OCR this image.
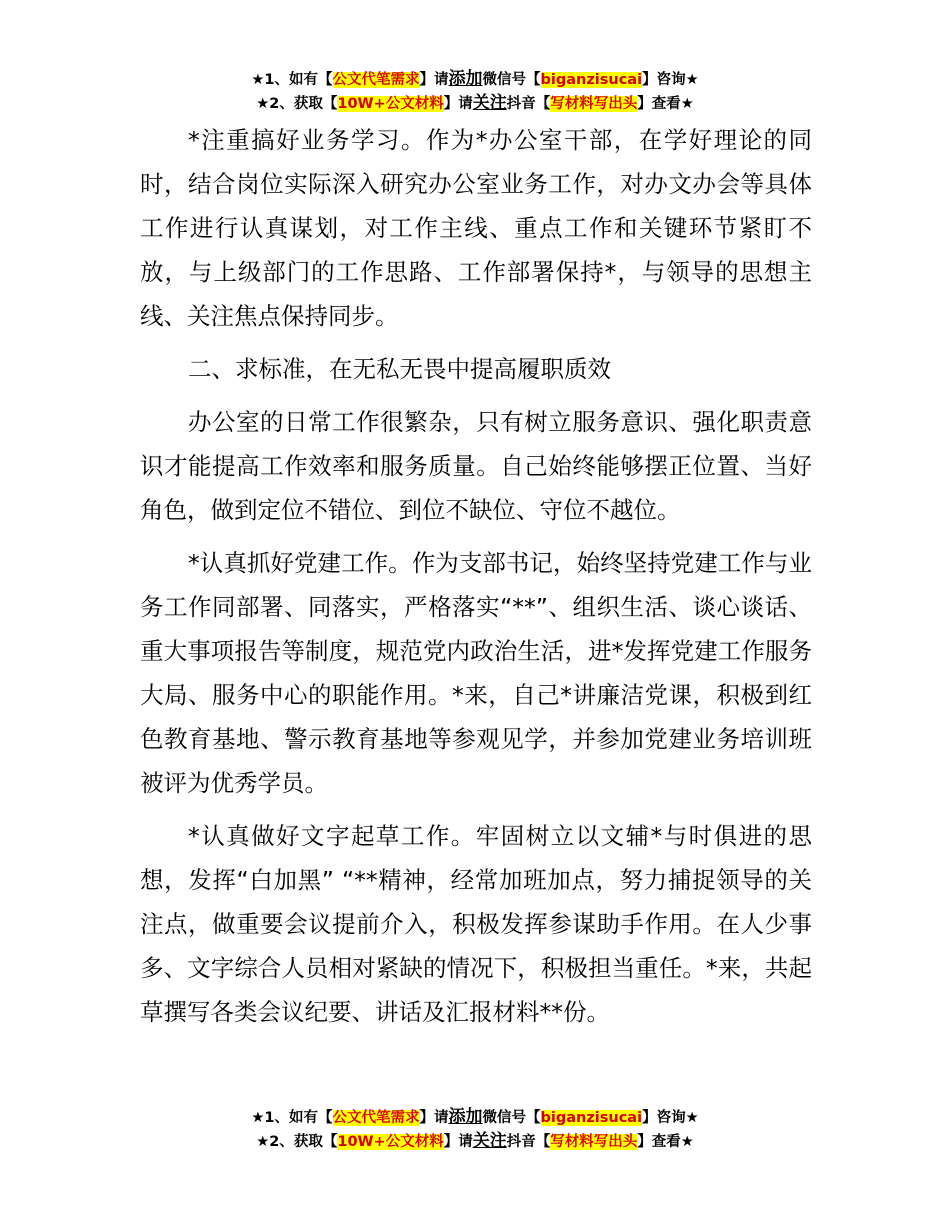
★1、如有【公文代笔需求】请添加微信号【biganzisucai】咨询★
★2、获取【10W+公文材料】请关注抖音【写材料写出头】查看★

*注重搞好业务学习。作为*办公室干部，在学好理论的同时，结合岗位实际深入研究办公室业务工作，对办文办会等具体工作进行认真谋划，对工作主线、重点工作和关键环节紧盯不放，与上级部门的工作思路、工作部署保持*，与领导的思想主线、关注焦点保持同步。

二、求标准，在无私无畏中提高履职质效

办公室的日常工作很繁杂，只有树立服务意识、强化职责意识才能提高工作效率和服务质量。自己始终能够摆正位置、当好角色，做到定位不错位、到位不缺位、守位不越位。

*认真抓好党建工作。作为支部书记，始终坚持党建工作与业务工作同部署、同落实，严格落实“**”、组织生活、谈心谈话、重大事项报告等制度，规范党内政治生活，进*发挥党建工作服务大局、服务中心的职能作用。*来，自己*讲廉洁党课，积极到红色教育基地、警示教育基地等参观见学，并参加党建业务培训班被评为优秀学员。

*认真做好文字起草工作。牢固树立以文辅*与时俱进的思想，发挥“白加黑” “**精神，经常加班加点，努力捕捉领导的关注点，做重要会议提前介入，积极发挥参谋助手作用。在人少事多、文字综合人员相对紧缺的情况下，积极担当重任。*来，共起草撰写各类会议纪要、讲话及汇报材料**份。

★1、如有【公文代笔需求】请添加微信号【biganzisucai】咨询★
★2、获取【10W+公文材料】请关注抖音【写材料写出头】查看★
